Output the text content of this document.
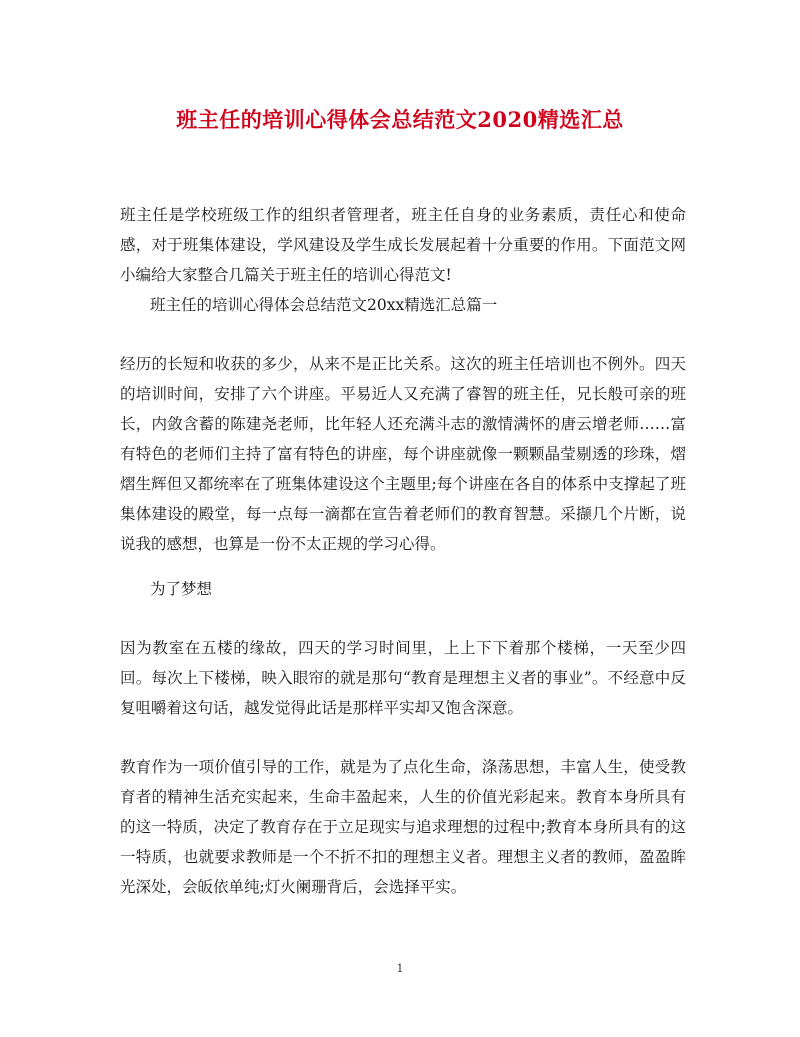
班主任的培训心得体会总结范文2020精选汇总
班主任是学校班级工作的组织者管理者，班主任自身的业务素质，责任心和使命感，对于班集体建设，学风建设及学生成长发展起着十分重要的作用。下面范文网小编给大家整合几篇关于班主任的培训心得范文!
班主任的培训心得体会总结范文20xx精选汇总篇一
经历的长短和收获的多少，从来不是正比关系。这次的班主任培训也不例外。四天的培训时间，安排了六个讲座。平易近人又充满了睿智的班主任，兄长般可亲的班长，内敛含蓄的陈建尧老师，比年轻人还充满斗志的激情满怀的唐云增老师……富有特色的老师们主持了富有特色的讲座，每个讲座就像一颗颗晶莹剔透的珍珠，熠熠生辉但又都统率在了班集体建设这个主题里;每个讲座在各自的体系中支撑起了班集体建设的殿堂，每一点每一滴都在宣告着老师们的教育智慧。采撷几个片断，说说我的感想，也算是一份不太正规的学习心得。
为了梦想
因为教室在五楼的缘故，四天的学习时间里，上上下下着那个楼梯，一天至少四回。每次上下楼梯，映入眼帘的就是那句“教育是理想主义者的事业”。不经意中反复咀嚼着这句话，越发觉得此话是那样平实却又饱含深意。
教育作为一项价值引导的工作，就是为了点化生命，涤荡思想，丰富人生，使受教育者的精神生活充实起来，生命丰盈起来，人生的价值光彩起来。教育本身所具有的这一特质，决定了教育存在于立足现实与追求理想的过程中;教育本身所具有的这一特质，也就要求教师是一个不折不扣的理想主义者。理想主义者的教师，盈盈眸光深处，会皈依单纯;灯火阑珊背后，会选择平实。
1
